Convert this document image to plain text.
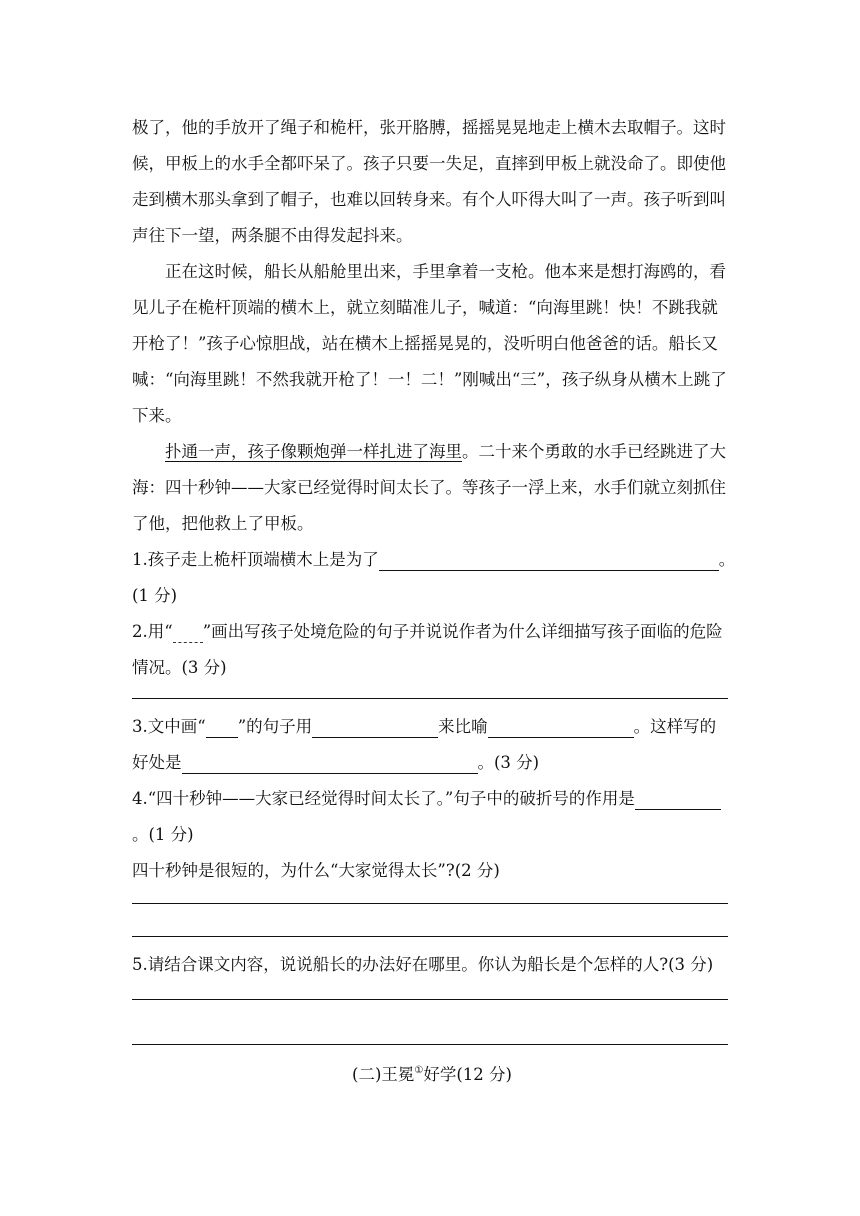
极了，他的手放开了绳子和桅杆，张开胳膊，摇摇晃晃地走上横木去取帽子。这时候，甲板上的水手全都吓呆了。孩子只要一失足，直摔到甲板上就没命了。即使他走到横木那头拿到了帽子，也难以回转身来。有个人吓得大叫了一声。孩子听到叫声往下一望，两条腿不由得发起抖来。

正在这时候，船长从船舱里出来，手里拿着一支枪。他本来是想打海鸥的，看见儿子在桅杆顶端的横木上，就立刻瞄准儿子，喊道：“向海里跳！快！不跳我就开枪了！”孩子心惊胆战，站在横木上摇摇晃晃的，没听明白他爸爸的话。船长又喊：“向海里跳！不然我就开枪了！一！二！”刚喊出“三”，孩子纵身从横木上跳了下来。

扑通一声，孩子像颗炮弹一样扎进了海里。二十来个勇敢的水手已经跳进了大海：四十秒钟——大家已经觉得时间太长了。等孩子一浮上来，水手们就立刻抓住了他，把他救上了甲板。

1.孩子走上桅杆顶端横木上是为了	。

(1 分)

2.用“ ”画出写孩子处境危险的句子并说说作者为什么详细描写孩子面临的危险情况。(3 分)

3.文中画“ ”的句子用	来比喻	。这样写的好处是	。(3 分)

4.“四十秒钟——大家已经觉得时间太长了。”句子中的破折号的作用是。(1 分)

四十秒钟是很短的，为什么“大家觉得太长”?(2 分)

5.请结合课文内容，说说船长的办法好在哪里。你认为船长是个怎样的人?(3 分)

(二)王冕①好学(12 分)
